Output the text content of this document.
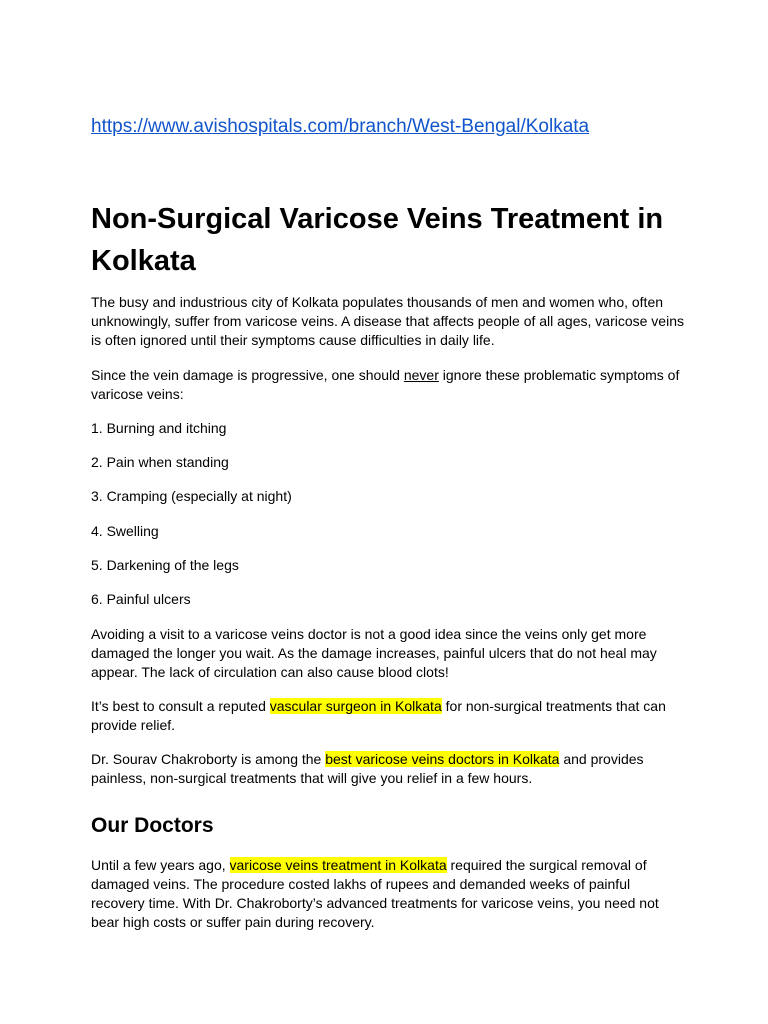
https://www.avishospitals.com/branch/West-Bengal/Kolkata
Non-Surgical Varicose Veins Treatment in Kolkata

The busy and industrious city of Kolkata populates thousands of men and women who, often unknowingly, suffer from varicose veins. A disease that affects people of all ages, varicose veins is often ignored until their symptoms cause difficulties in daily life.

Since the vein damage is progressive, one should never ignore these problematic symptoms of varicose veins:

1. Burning and itching

2. Pain when standing

3. Cramping (especially at night)

4. Swelling

5. Darkening of the legs

6. Painful ulcers

Avoiding a visit to a varicose veins doctor is not a good idea since the veins only get more damaged the longer you wait. As the damage increases, painful ulcers that do not heal may appear. The lack of circulation can also cause blood clots!

It’s best to consult a reputed vascular surgeon in Kolkata for non-surgical treatments that can provide relief.

Dr. Sourav Chakroborty is among the best varicose veins doctors in Kolkata and provides painless, non-surgical treatments that will give you relief in a few hours.

Our Doctors

Until a few years ago, varicose veins treatment in Kolkata required the surgical removal of damaged veins. The procedure costed lakhs of rupees and demanded weeks of painful recovery time. With Dr. Chakroborty’s advanced treatments for varicose veins, you need not bear high costs or suffer pain during recovery.
